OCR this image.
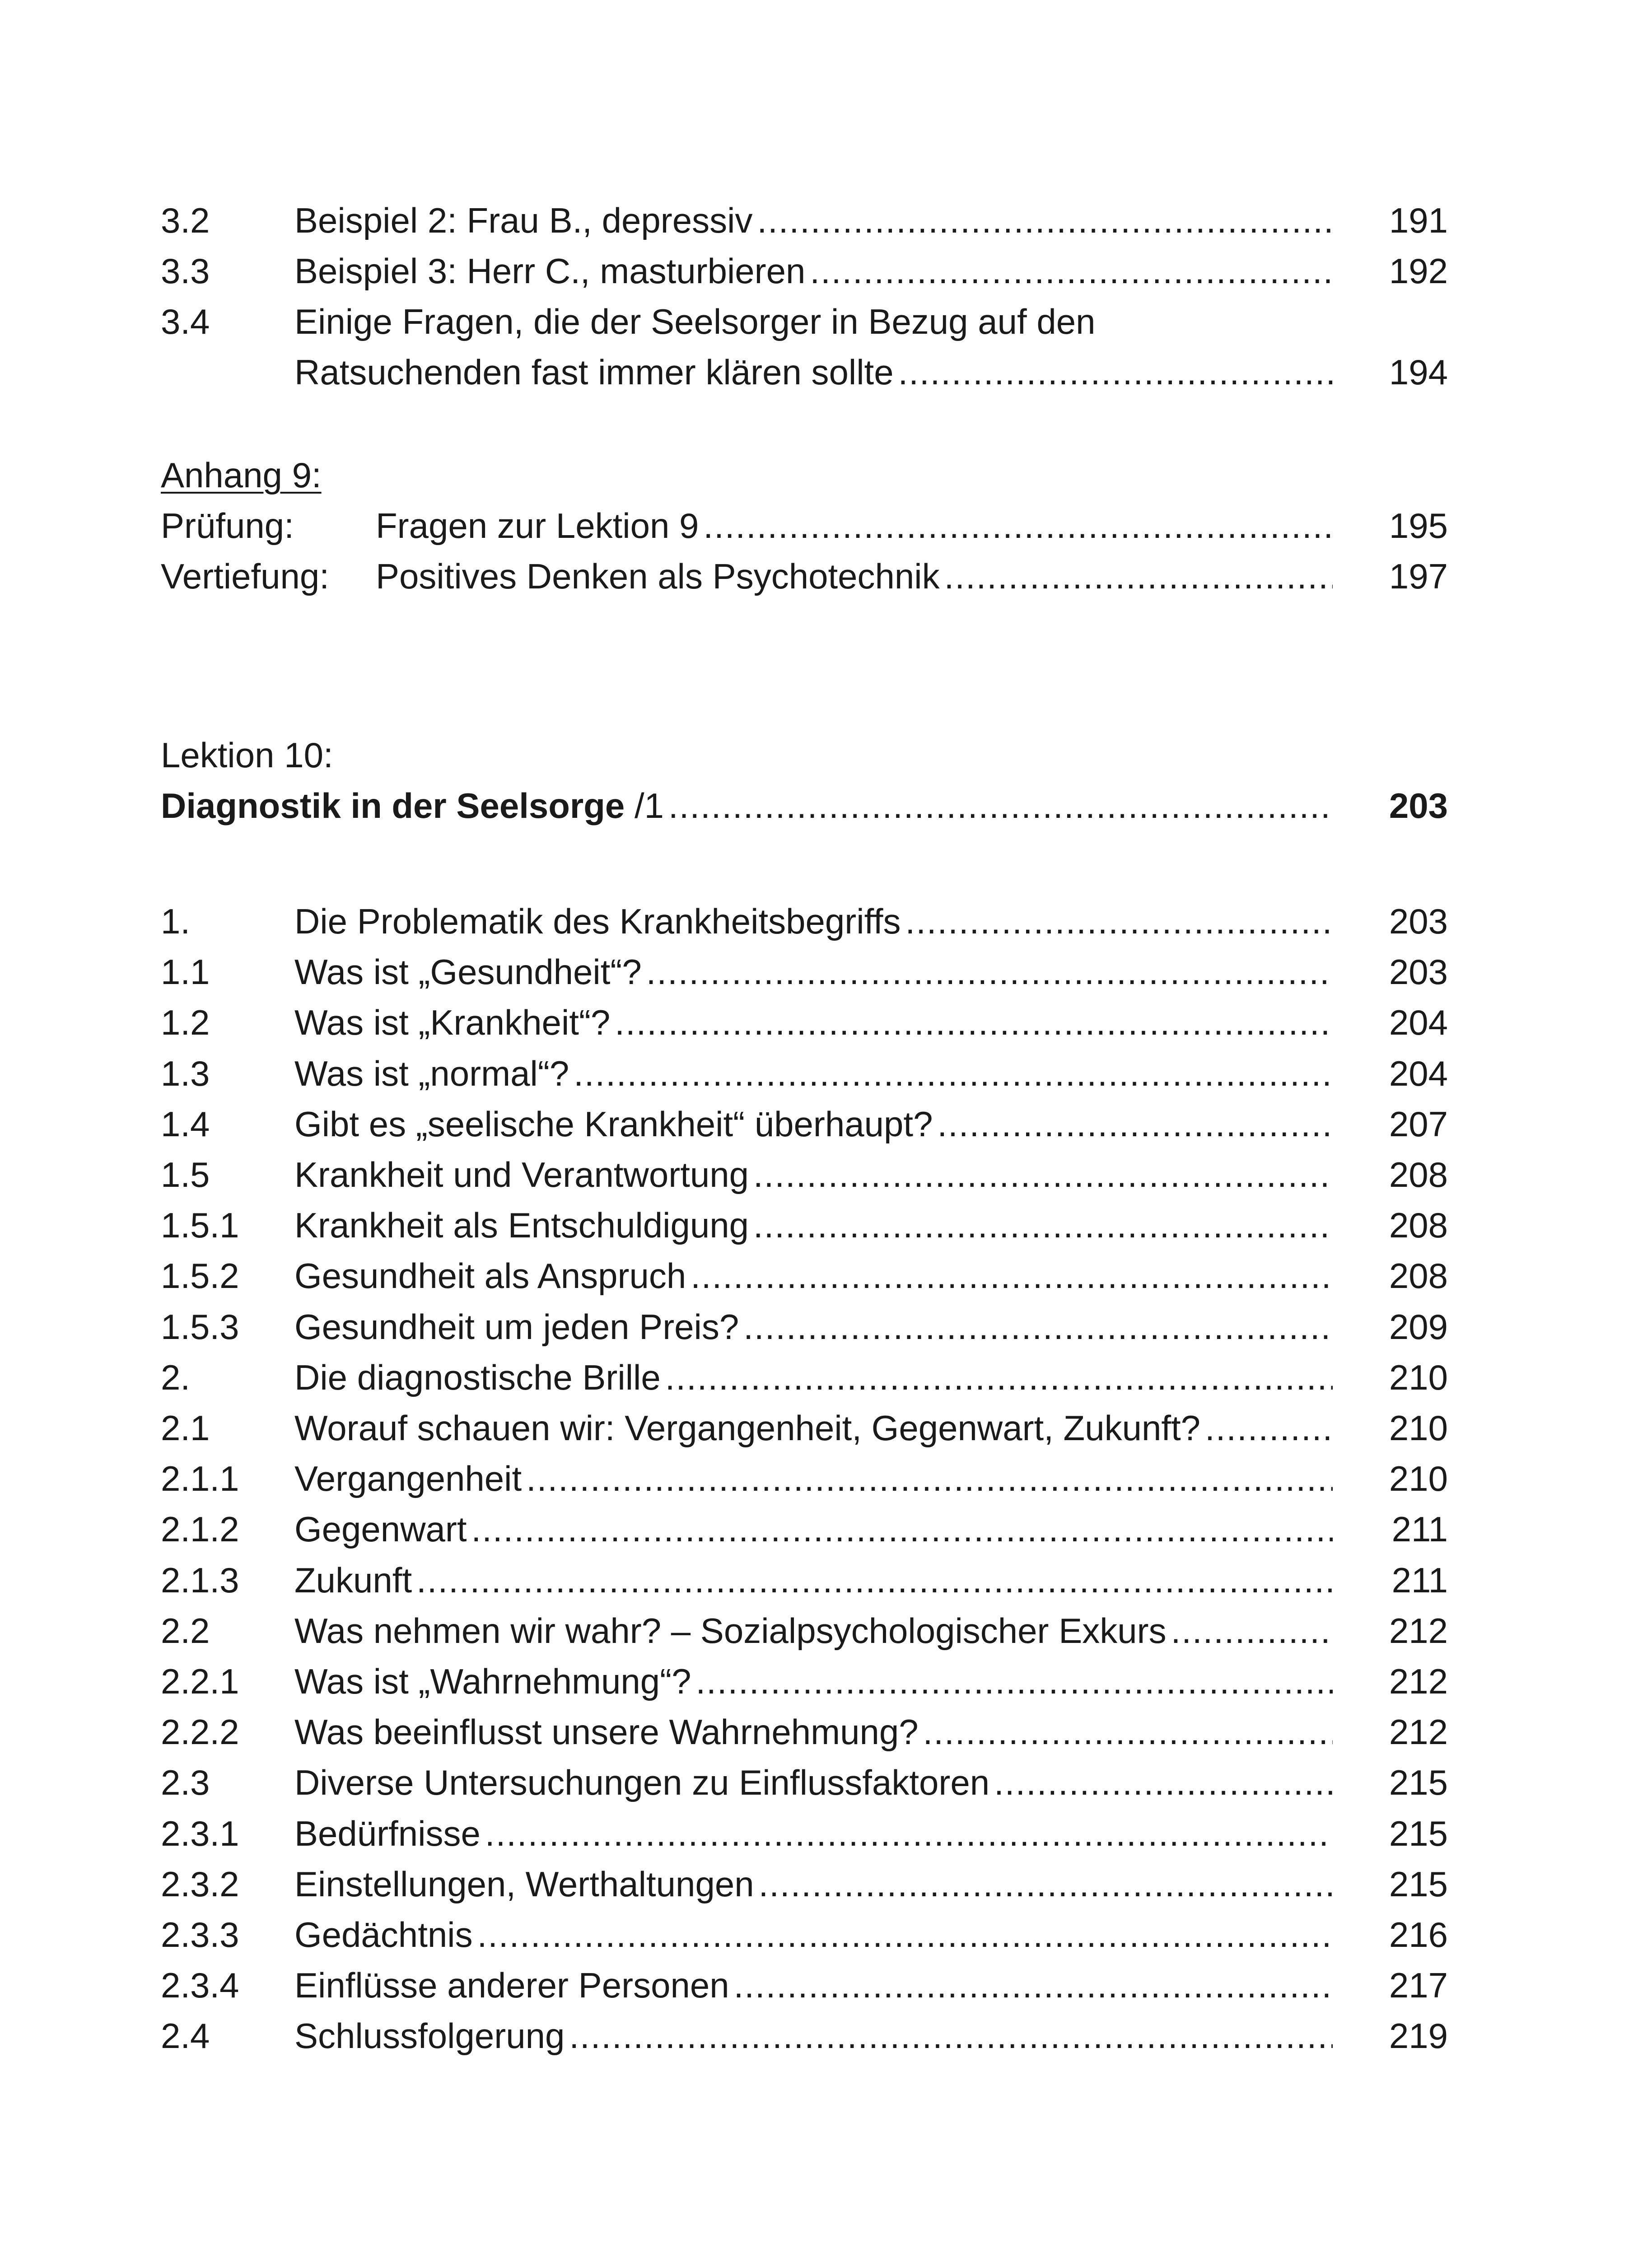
3.2	Beispiel 2: Frau B., depressiv .....	191
3.3	Beispiel 3: Herr C., masturbieren .....	192
3.4	Einige Fragen, die der Seelsorger in Bezug auf den
Ratsuchenden fast immer klären sollte .....	194
Anhang 9:
Prüfung:	Fragen zur Lektion 9 .....	195
Vertiefung:	Positives Denken als Psychotechnik .....	197
Lektion 10:
Diagnostik in der Seelsorge /1 .....	203
1.	Die Problematik des Krankheitsbegriffs .....	203
1.1	Was ist „Gesundheit“? .....	203
1.2	Was ist „Krankheit“? .....	204
1.3	Was ist „normal“? .....	204
1.4	Gibt es „seelische Krankheit“ überhaupt? .....	207
1.5	Krankheit und Verantwortung .....	208
1.5.1	Krankheit als Entschuldigung .....	208
1.5.2	Gesundheit als Anspruch .....	208
1.5.3	Gesundheit um jeden Preis? .....	209
2.	Die diagnostische Brille .....	210
2.1	Worauf schauen wir: Vergangenheit, Gegenwart, Zukunft? .....	210
2.1.1	Vergangenheit .....	210
2.1.2	Gegenwart .....	211
2.1.3	Zukunft .....	211
2.2	Was nehmen wir wahr? – Sozialpsychologischer Exkurs .....	212
2.2.1	Was ist „Wahrnehmung“? .....	212
2.2.2	Was beeinflusst unsere Wahrnehmung? .....	212
2.3	Diverse Untersuchungen zu Einflussfaktoren .....	215
2.3.1	Bedürfnisse .....	215
2.3.2	Einstellungen, Werthaltungen .....	215
2.3.3	Gedächtnis .....	216
2.3.4	Einflüsse anderer Personen .....	217
2.4	Schlussfolgerung .....	219
